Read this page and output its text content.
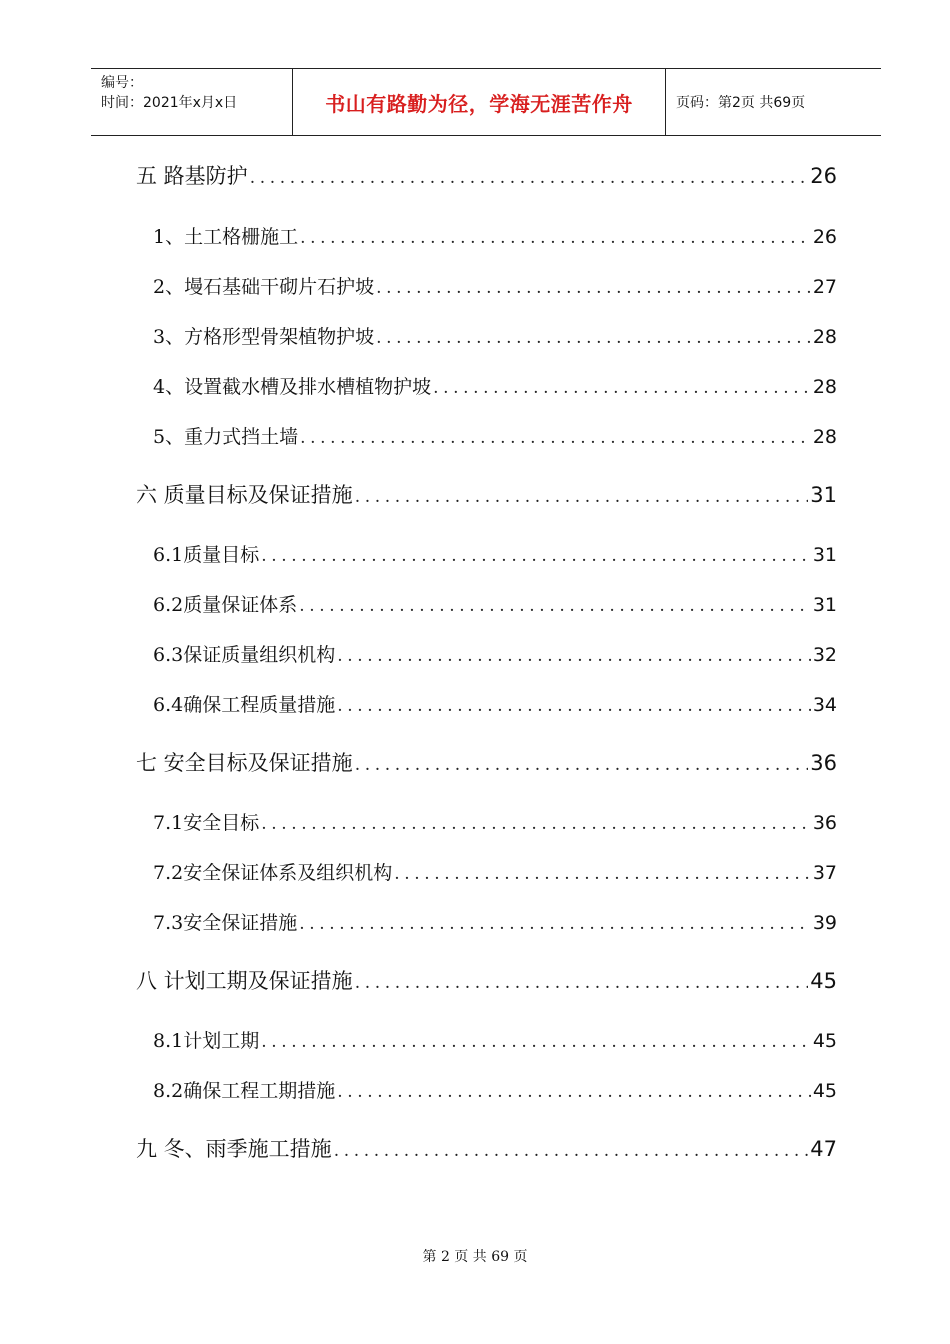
编号：
时间：2021年x月x日	书山有路勤为径，学海无涯苦作舟	页码：第2页 共69页
五 路基防护 .....	26
1、土工格栅施工 .....	26
2、墁石基础干砌片石护坡 .....	27
3、方格形型骨架植物护坡 .....	28
4、设置截水槽及排水槽植物护坡 .....	28
5、重力式挡土墙 .....	28
六 质量目标及保证措施 .....	31
6.1质量目标 .....	31
6.2质量保证体系 .....	31
6.3保证质量组织机构 .....	32
6.4确保工程质量措施 .....	34
七 安全目标及保证措施 .....	36
7.1安全目标 .....	36
7.2安全保证体系及组织机构 .....	37
7.3安全保证措施 .....	39
八 计划工期及保证措施 .....	45
8.1计划工期 .....	45
8.2确保工程工期措施 .....	45
九 冬、雨季施工措施 .....	47
第 2 页 共 69 页
